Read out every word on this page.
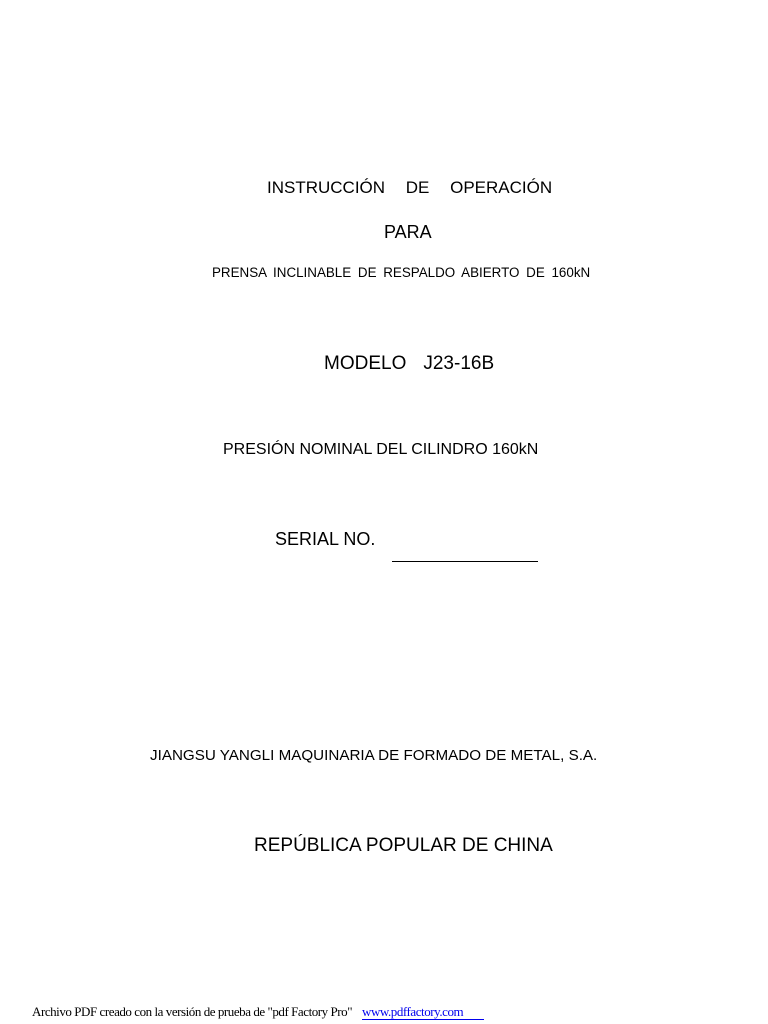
INSTRUCCIÓN DE OPERACIÓN
PARA
PRENSA INCLINABLE DE RESPALDO ABIERTO DE 160kN
MODELO J23-16B
PRESIÓN NOMINAL DEL CILINDRO 160kN
SERIAL NO.
JIANGSU YANGLI MAQUINARIA DE FORMADO DE METAL, S.A.
REPÚBLICA POPULAR DE CHINA
Archivo PDF creado con la versión de prueba de "pdf Factory Pro" www.pdffactory.com
